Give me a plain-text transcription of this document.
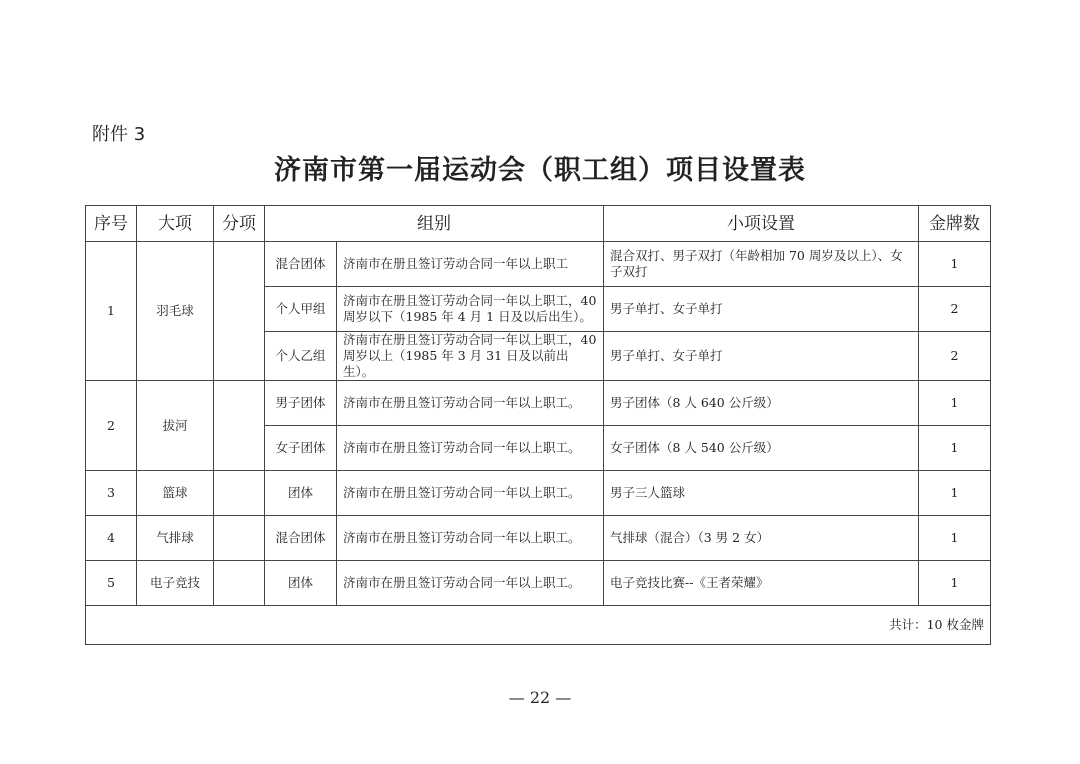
附件 3
济南市第一届运动会（职工组）项目设置表
序号	大项	分项	组别		小项设置	金牌数
1	羽毛球		混合团体	济南市在册且签订劳动合同一年以上职工	混合双打、男子双打（年龄相加 70 周岁及以上）、女子双打	1
			个人甲组	济南市在册且签订劳动合同一年以上职工，40 周岁以下（1985 年 4 月 1 日及以后出生）。	男子单打、女子单打	2
			个人乙组	济南市在册且签订劳动合同一年以上职工，40 周岁以上（1985 年 3 月 31 日及以前出生）。	男子单打、女子单打	2
2	拔河		男子团体	济南市在册且签订劳动合同一年以上职工。	男子团体（8 人 640 公斤级）	1
			女子团体	济南市在册且签订劳动合同一年以上职工。	女子团体（8 人 540 公斤级）	1
3	篮球		团体	济南市在册且签订劳动合同一年以上职工。	男子三人篮球	1
4	气排球		混合团体	济南市在册且签订劳动合同一年以上职工。	气排球（混合）（3 男 2 女）	1
5	电子竞技		团体	济南市在册且签订劳动合同一年以上职工。	电子竞技比赛--《王者荣耀》	1
共计：10 枚金牌						
— 22 —
